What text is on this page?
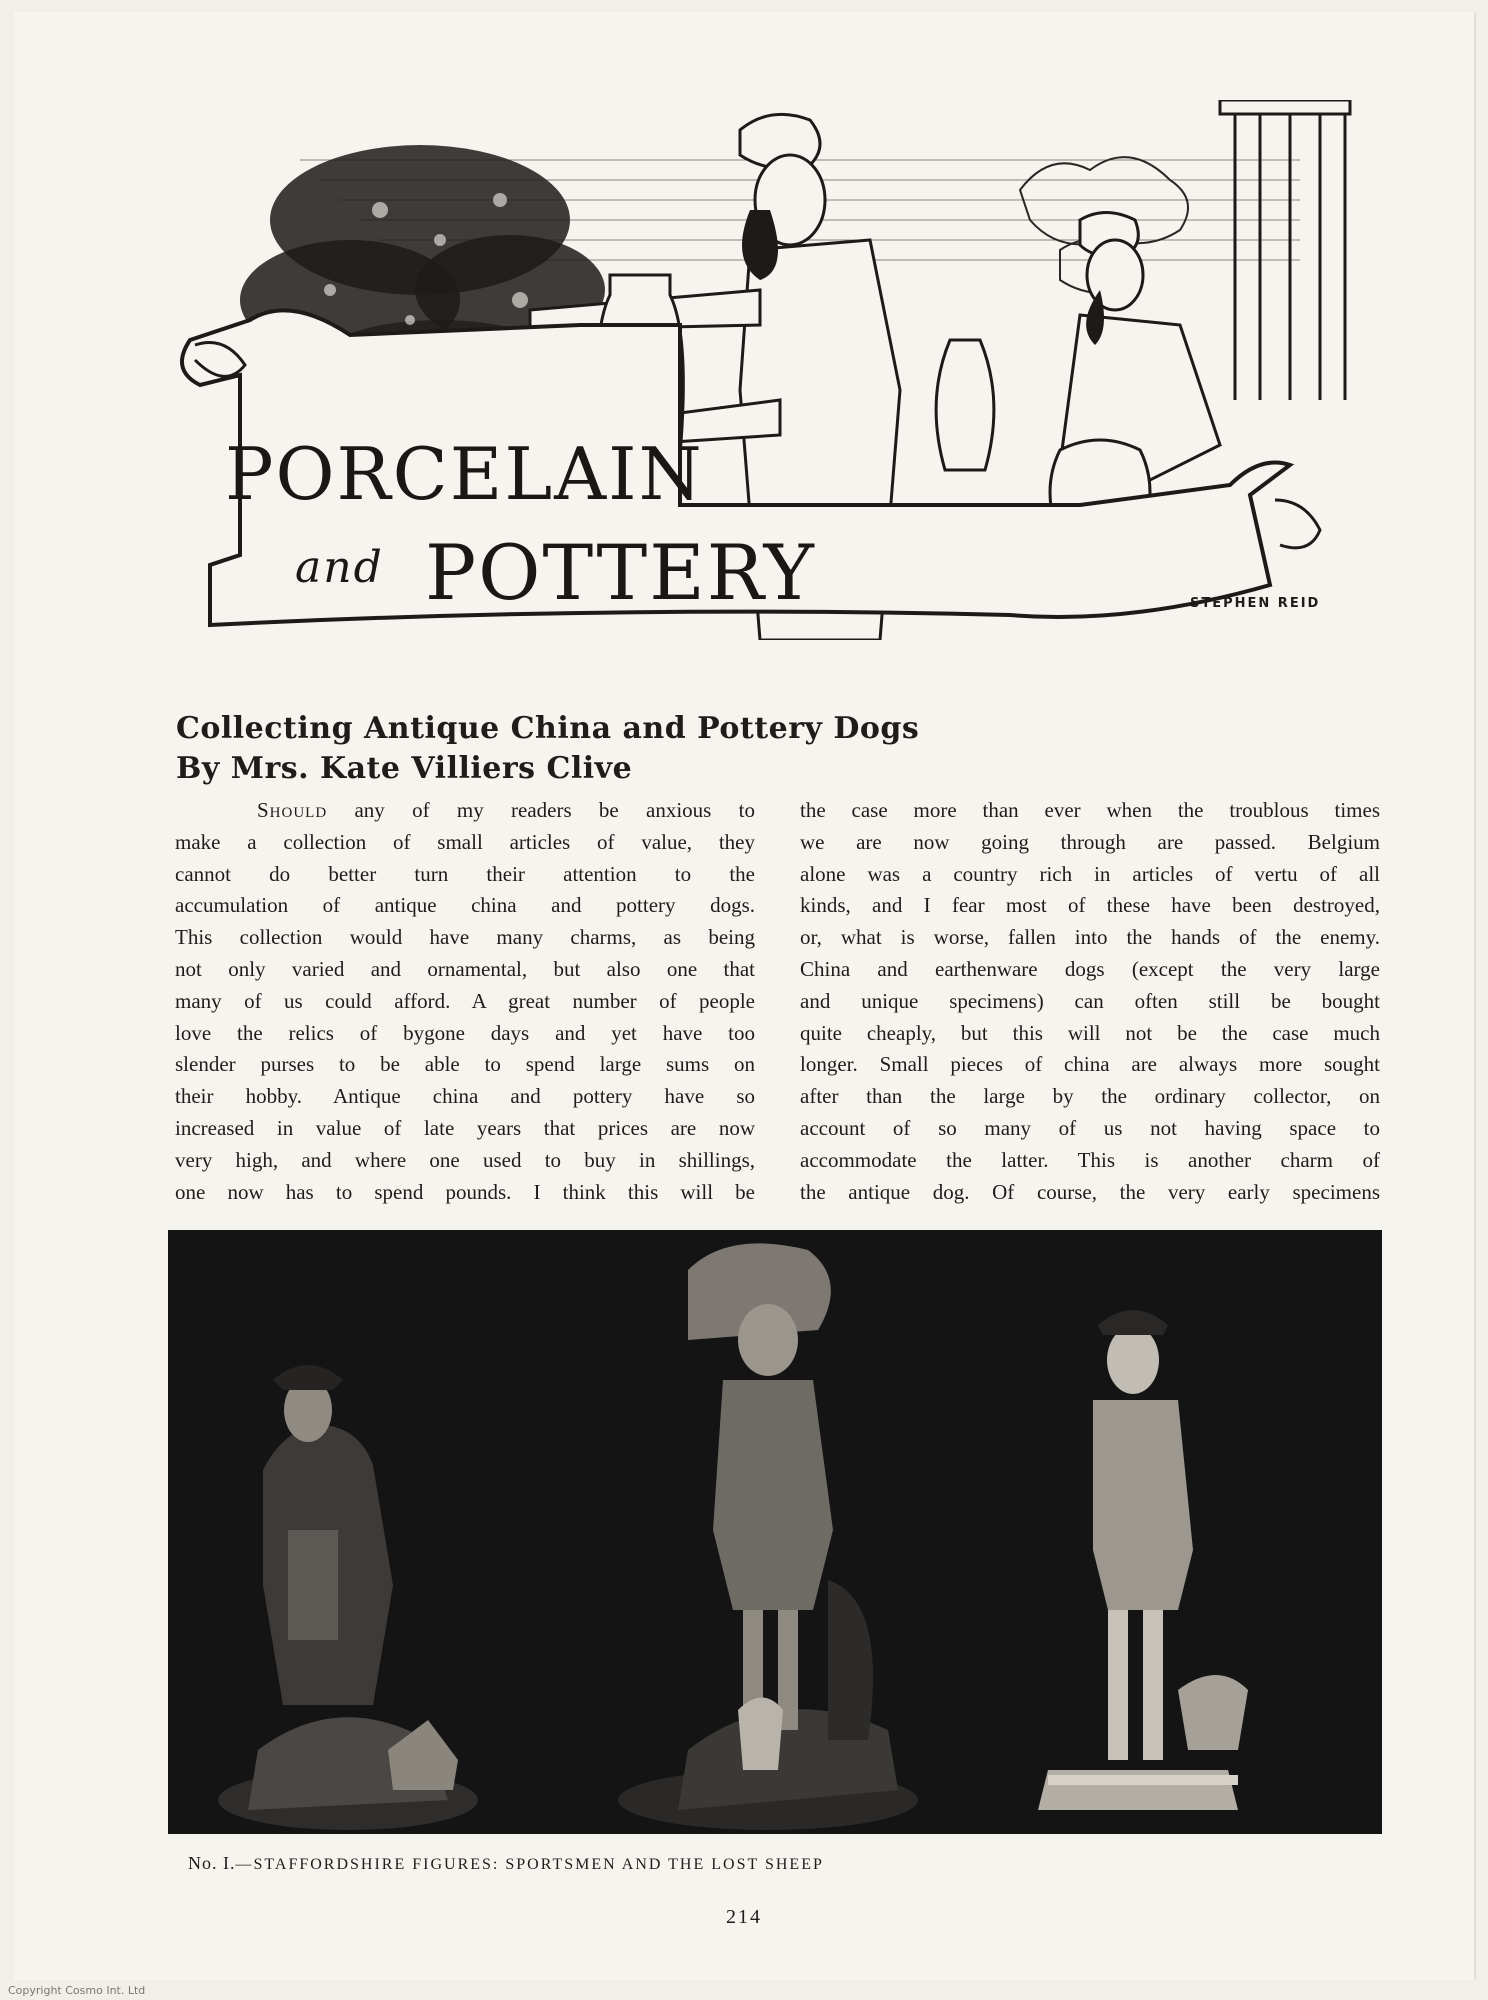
PORCELAIN
and POTTERY	STEPHEN REID
Collecting Antique China and Pottery Dogs
By Mrs. Kate Villiers Clive
Should any of my readers be anxious to
make a collection of small articles of value, they
cannot do better turn their attention to the
accumulation of antique china and pottery dogs.
This collection would have many charms, as being
not only varied and ornamental, but also one that
many of us could afford. A great number of people
love the relics of bygone days and yet have too
slender purses to be able to spend large sums on
their hobby. Antique china and pottery have so
increased in value of late years that prices are now
very high, and where one used to buy in shillings,
one now has to spend pounds. I think this will be
the case more than ever when the troublous times
we are now going through are passed. Belgium
alone was a country rich in articles of vertu of all
kinds, and I fear most of these have been destroyed,
or, what is worse, fallen into the hands of the enemy.
China and earthenware dogs (except the very large
and unique specimens) can often still be bought
quite cheaply, but this will not be the case much
longer. Small pieces of china are always more sought
after than the large by the ordinary collector, on
account of so many of us not having space to
accommodate the latter. This is another charm of
the antique dog. Of course, the very early specimens
No. I.—STAFFORDSHIRE FIGURES: SPORTSMEN AND THE LOST SHEEP
214
Copyright Cosmo Int. Ltd
